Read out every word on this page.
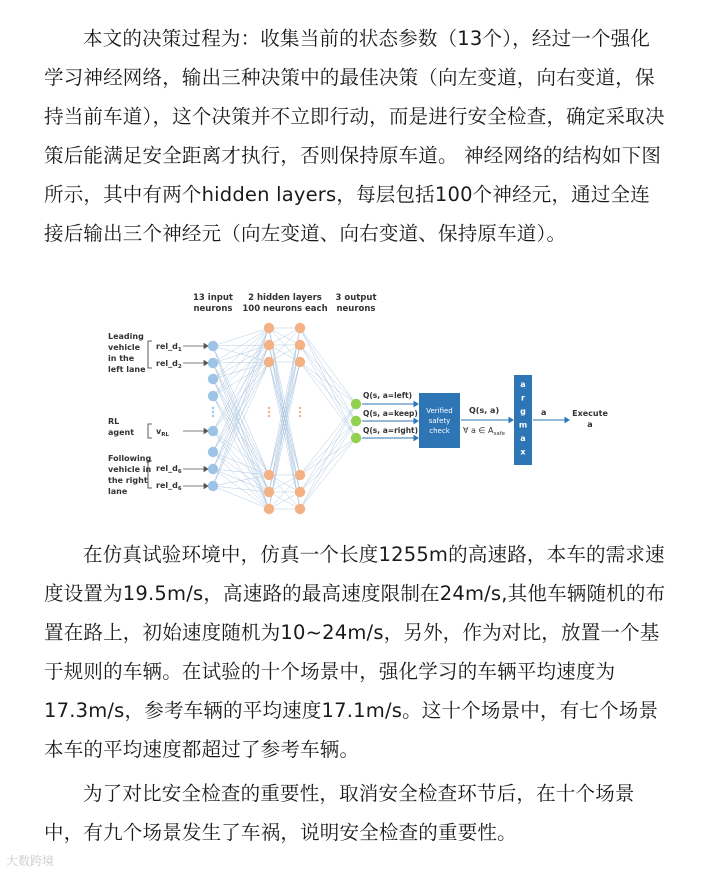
本文的决策过程为：收集当前的状态参数（13个），经过一个强化学习神经网络，输出三种决策中的最佳决策（向左变道，向右变道，保持当前车道），这个决策并不立即行动，而是进行安全检查，确定采取决策后能满足安全距离才执行，否则保持原车道。 神经网络的结构如下图所示，其中有两个hidden layers，每层包括100个神经元，通过全连接后输出三个神经元（向左变道、向右变道、保持原车道）。

13 input
neurons
2 hidden layers
100 neurons each
3 output
neurons
Leading
vehicle
in the
left lane
RL
agent
Following
vehicle in
the right
lane
$rel\_d_1$
$rel\_d_2$
$v_{RL}$
$rel\_d_6$
$rel\_d_6$
Q(s, a=left)
Q(s, a=keep)
Q(s, a=right)
Verified
safety
check
Q(s, a)
∀ a ∈ $A_{safe}$
a
r
g
m
a
x
a	Execute
a

在仿真试验环境中，仿真一个长度1255m的高速路，本车的需求速度设置为19.5m/s，高速路的最高速度限制在24m/s,其他车辆随机的布置在路上，初始速度随机为10~24m/s，另外，作为对比，放置一个基于规则的车辆。在试验的十个场景中，强化学习的车辆平均速度为17.3m/s，参考车辆的平均速度17.1m/s。这十个场景中，有七个场景本车的平均速度都超过了参考车辆。

为了对比安全检查的重要性，取消安全检查环节后，在十个场景中，有九个场景发生了车祸，说明安全检查的重要性。

大数跨境
